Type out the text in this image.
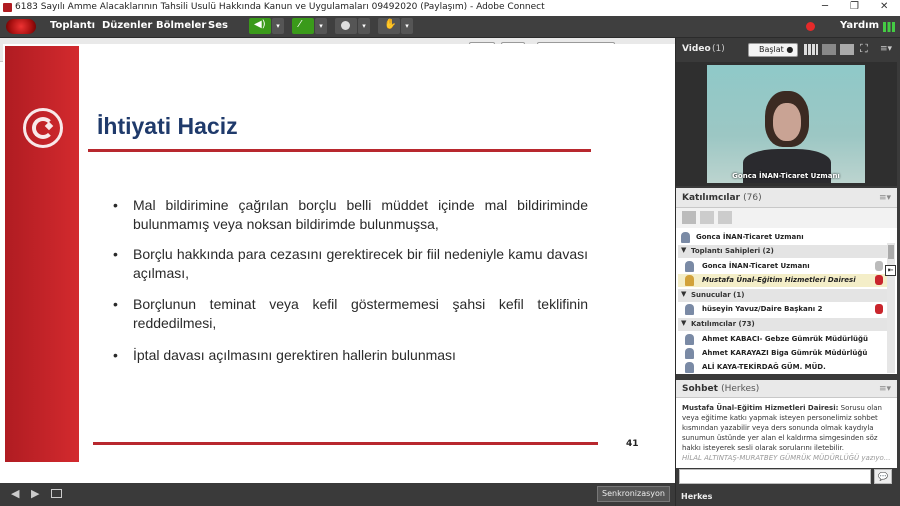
6183 Sayılı Amme Alacaklarının Tahsili Usulü Hakkında Kanun ve Uygulamaları 09492020 (Paylaşım) - Adobe Connect	─ ❐ ✕
Toplantı Düzenler Bölmeler Ses	◀)	▾	⁄	▾	▾	✋	▾	Yardım
İhtiyati Haciz
• Mal bildirimine çağrılan borçlu belli müddet içinde mal bildiriminde bulunmamış veya noksan bildirimde bulunmuşsa,
• Borçlu hakkında para cezasını gerektirecek bir fiil nedeniyle kamu davası açılması,
• Borçlunun teminat veya kefil göstermemesi şahsi kefil teklifinin reddedilmesi,
• İptal davası açılmasını gerektiren hallerin bulunması
41
◀ ▶	Senkronizasyon
Video (1)	Başlat ●	⛶ ≡▾
Gonca İNAN-Ticaret Uzmanı
Katılımcılar (76)	≡▾
Gonca İNAN-Ticaret Uzmanı
▼ Toplantı Sahipleri (2)
Gonca İNAN-Ticaret Uzmanı
Mustafa Ünal-Eğitim Hizmetleri Dairesi
▼ Sunucular (1)
hüseyin Yavuz/Daire Başkanı 2
▼ Katılımcılar (73)
Ahmet KABACI- Gebze Gümrük Müdürlüğü
Ahmet KARAYAZI Biga Gümrük Müdürlüğü
ALİ KAYA-TEKİRDAĞ GÜM. MÜD.
⇤
Sohbet (Herkes)	≡▾
Mustafa Ünal-Eğitim Hizmetleri Dairesi: Sorusu olan veya eğitime katkı yapmak isteyen personelimiz sohbet kısmından yazabilir veya ders sonunda olmak kaydıyla sunumun üstünde yer alan el kaldırma simgesinden söz hakkı isteyerek sesli olarak sorularını iletebilir.
HİLAL ALTINTAŞ-MURATBEY GÜMRÜK MÜDÜRLÜĞÜ yazıyo...
💬
Herkes
